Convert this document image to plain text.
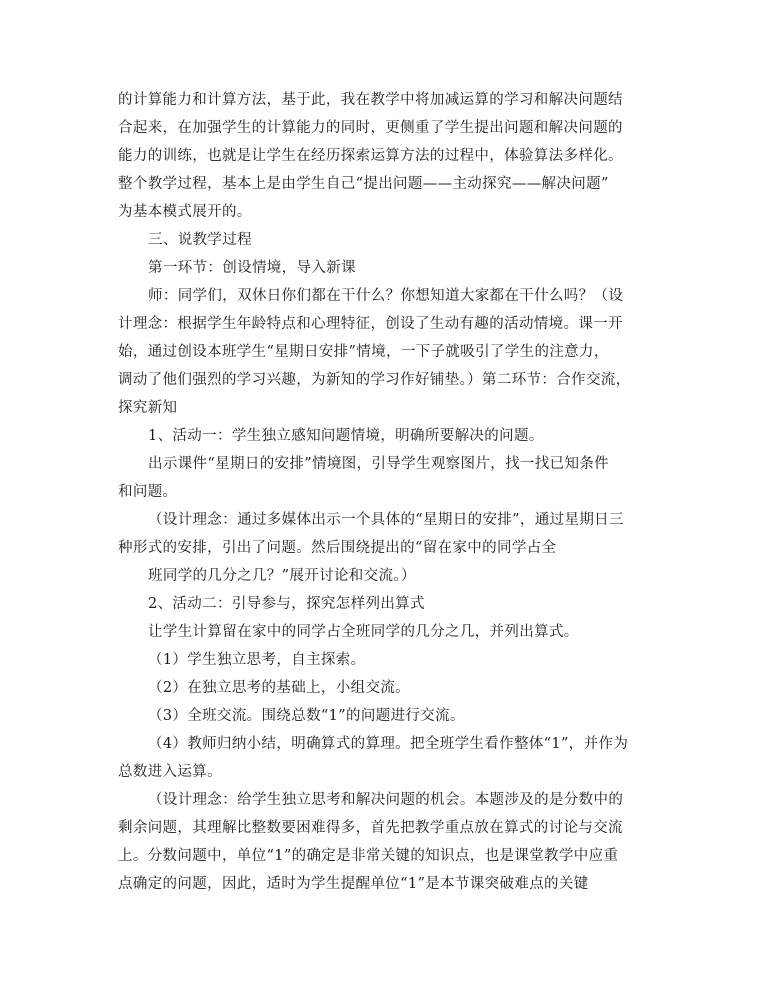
的计算能力和计算方法，基于此，我在教学中将加减运算的学习和解决问题结
合起来，在加强学生的计算能力的同时，更侧重了学生提出问题和解决问题的
能力的训练，也就是让学生在经历探索运算方法的过程中，体验算法多样化。
整个教学过程，基本上是由学生自己“提出问题——主动探究——解决问题”
为基本模式展开的。
三、说教学过程
第一环节：创设情境，导入新课
师：同学们，双休日你们都在干什么？你想知道大家都在干什么吗？（设
计理念：根据学生年龄特点和心理特征，创设了生动有趣的活动情境。课一开
始，通过创设本班学生“星期日安排”情境，一下子就吸引了学生的注意力，
调动了他们强烈的学习兴趣，为新知的学习作好铺垫。）第二环节：合作交流，
探究新知
1、活动一：学生独立感知问题情境，明确所要解决的问题。
出示课件“星期日的安排”情境图，引导学生观察图片，找一找已知条件
和问题。
（设计理念：通过多媒体出示一个具体的“星期日的安排”，通过星期日三
种形式的安排，引出了问题。然后围绕提出的“留在家中的同学占全
班同学的几分之几？”展开讨论和交流。）
2、活动二：引导参与，探究怎样列出算式
让学生计算留在家中的同学占全班同学的几分之几，并列出算式。
（1）学生独立思考，自主探索。
（2）在独立思考的基础上，小组交流。
（3）全班交流。围绕总数“1”的问题进行交流。
（4）教师归纳小结，明确算式的算理。把全班学生看作整体“1”，并作为
总数进入运算。
（设计理念：给学生独立思考和解决问题的机会。本题涉及的是分数中的
剩余问题，其理解比整数要困难得多，首先把教学重点放在算式的讨论与交流
上。分数问题中，单位“1”的确定是非常关键的知识点，也是课堂教学中应重
点确定的问题，因此，适时为学生提醒单位“1”是本节课突破难点的关键
